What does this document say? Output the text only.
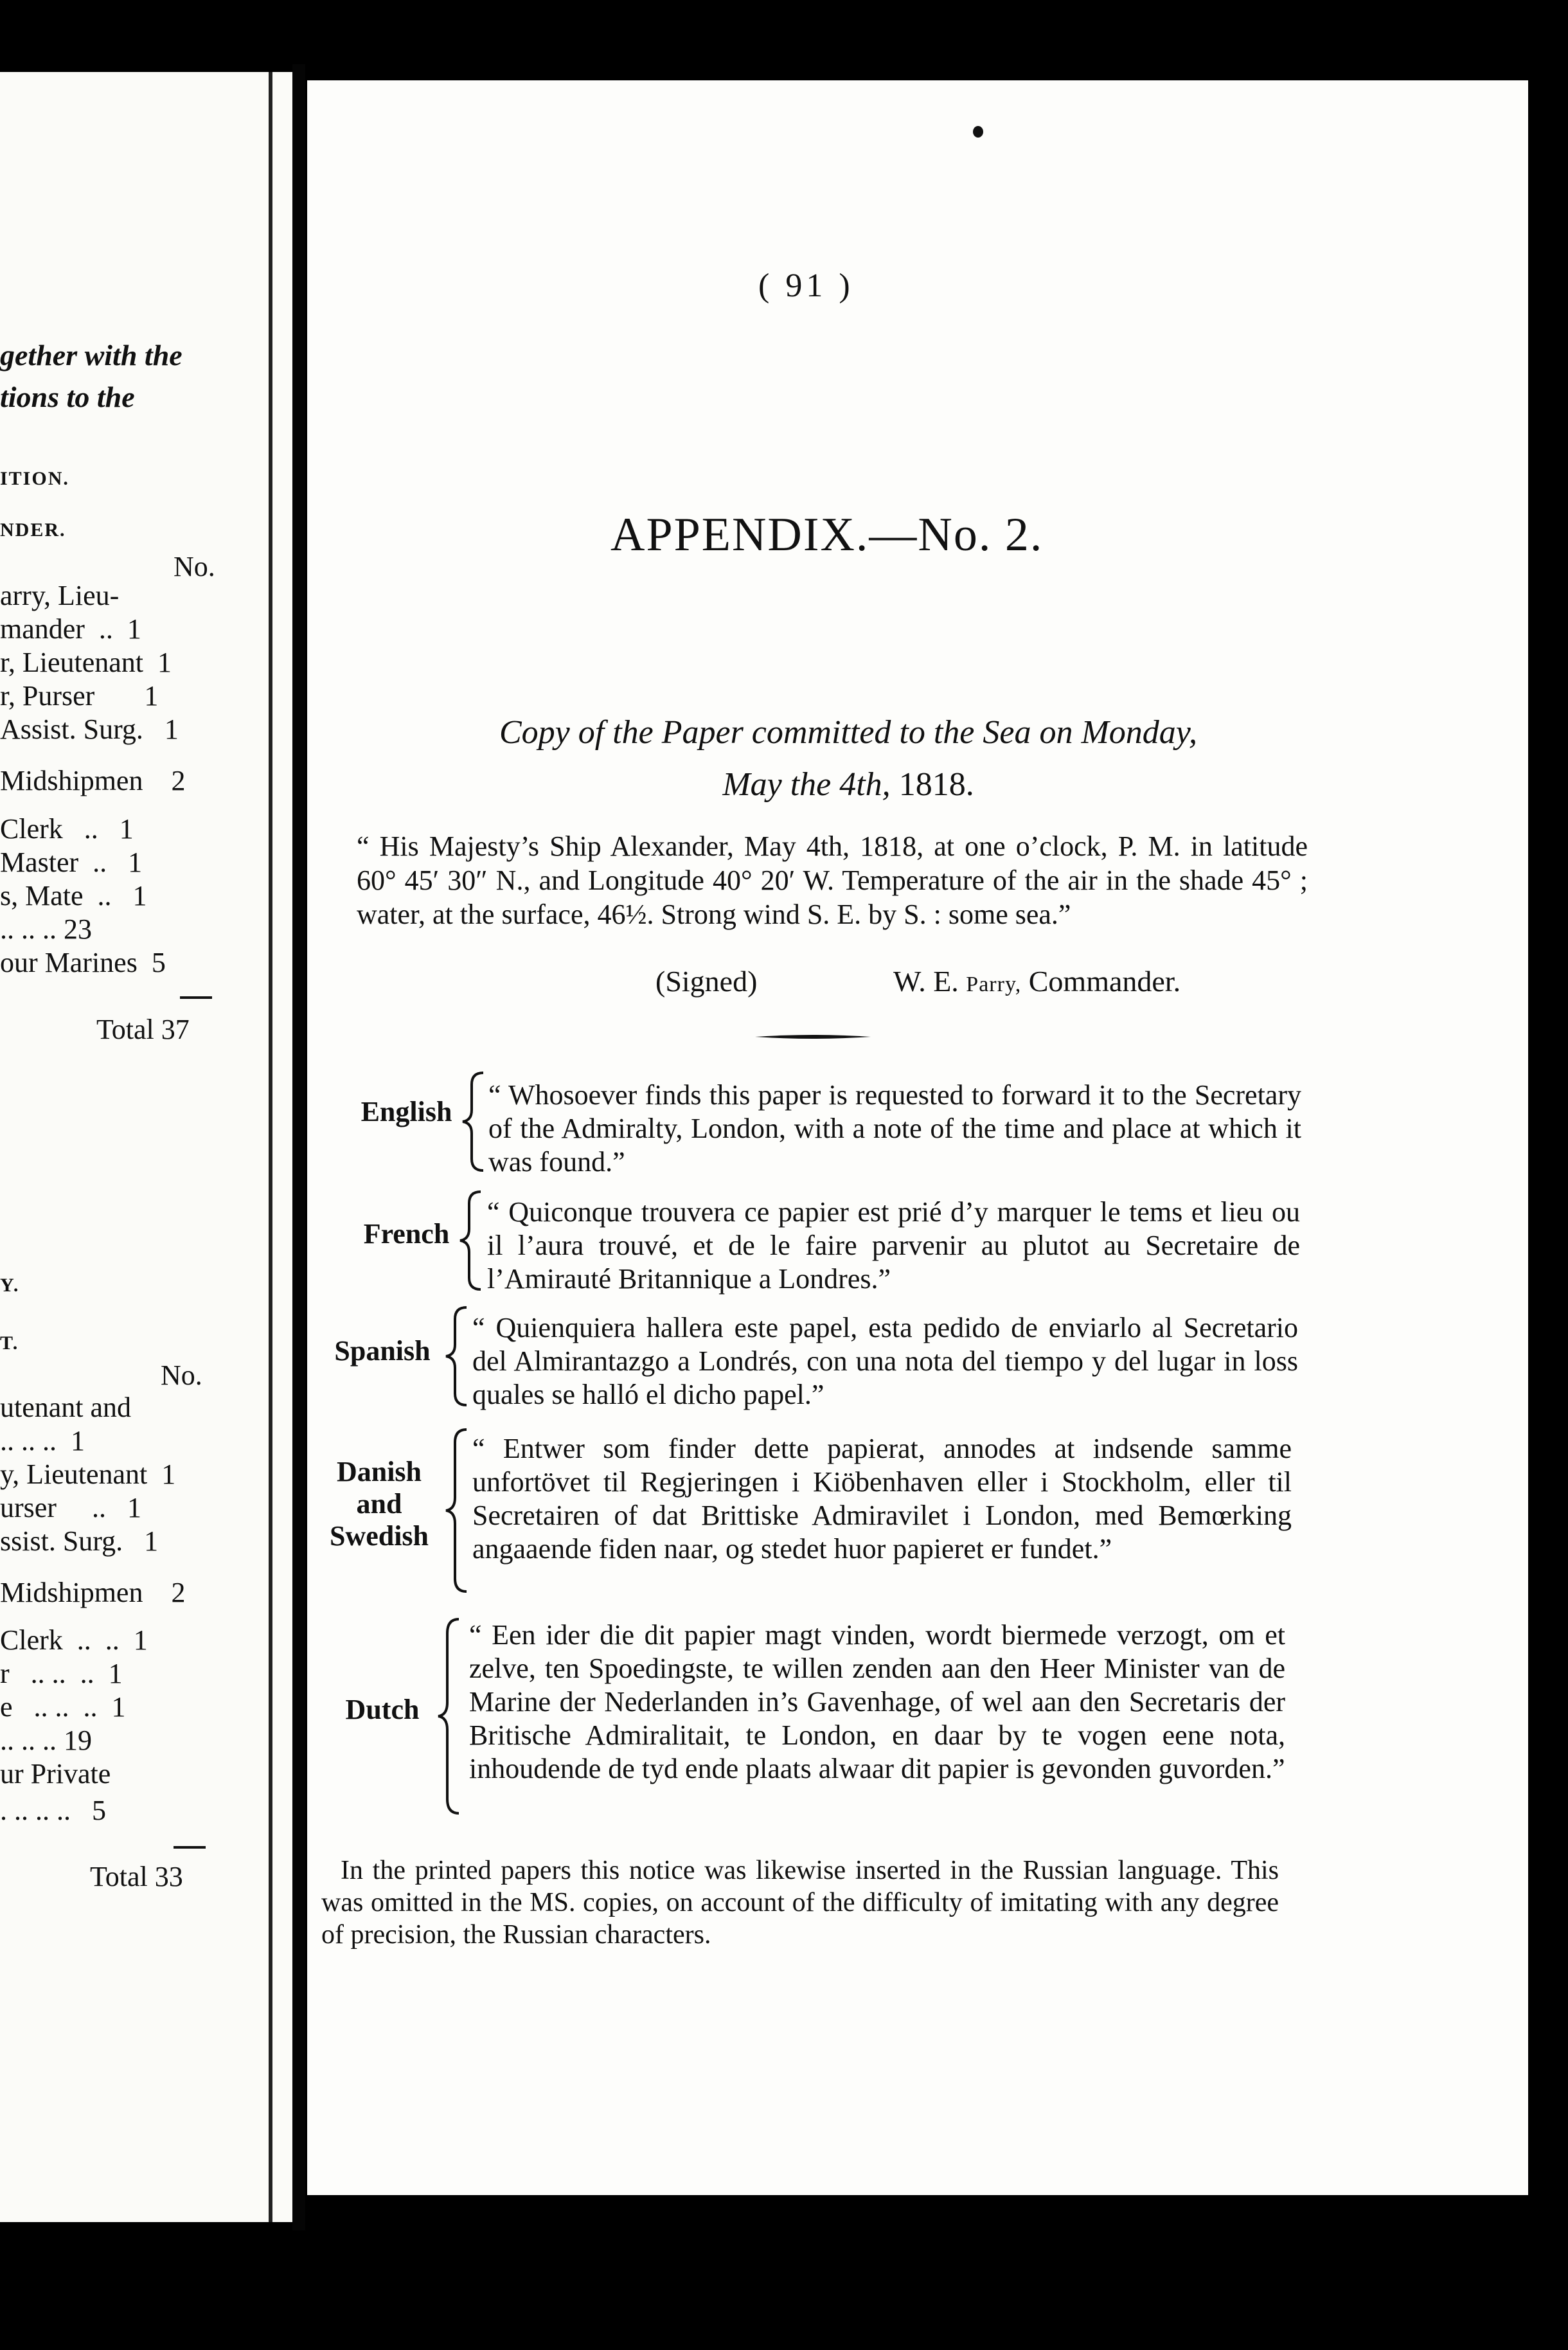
gether with the
tions to the
ITION.
NDER.
No.
arry, Lieu-
mander  ..  1
r, Lieutenant  1
r, Purser       1
Assist. Surg.   1
Midshipmen    2
Clerk   ..   1
Master  ..   1
s, Mate  ..   1
.. .. .. 23
our Marines  5
Total 37
Y.
T.
No.
utenant and
.. .. ..  1
y, Lieutenant  1
urser     ..   1
ssist. Surg.   1
Midshipmen    2
Clerk  ..  ..  1
r   .. ..  ..  1
e   .. ..  ..  1
.. .. .. 19
ur Private
. .. .. ..   5
Total 33
( 91 )
APPENDIX.—No. 2.
Copy of the Paper committed to the Sea on Monday,
May the 4th, 1818.

“ His Majesty’s Ship Alexander, May 4th, 1818, at one o’clock, P. M. in latitude 60° 45′ 30″ N., and Longitude 40° 20′ W. Temperature of the air in the shade 45° ; water, at the surface, 46½. Strong wind S. E. by S. : some sea.”

(Signed)	W. E. Parry, Commander.
English

“ Whosoever finds this paper is requested to forward it to the Secretary of the Admiralty, London, with a note of the time and place at which it was found.”

French

“ Quiconque trouvera ce papier est prié d’y marquer le tems et lieu ou il l’aura trouvé, et de le faire parvenir au plutot au Secretaire de l’Amirauté Britannique a Londres.”

Spanish

“ Quienquiera hallera este papel, esta pedido de enviarlo al Secretario del Almirantazgo a Londrés, con una nota del tiempo y del lugar in loss quales se halló el dicho papel.”

Danish and Swedish

“ Entwer som finder dette papierat, annodes at indsende samme unfortövet til Regjeringen i Kiöbenhaven eller i Stockholm, eller til Secretairen of dat Brittiske Admiravilet i London, med Bemœrking angaaende fiden naar, og stedet huor papieret er fundet.”

Dutch

“ Een ider die dit papier magt vinden, wordt biermede verzogt, om et zelve, ten Spoedingste, te willen zenden aan den Heer Minister van de Marine der Nederlanden in’s Gavenhage, of wel aan den Secretaris der Britische Admiralitait, te London, en daar by te vogen eene nota, inhoudende de tyd ende plaats alwaar dit papier is gevonden guvorden.”

In the printed papers this notice was likewise inserted in the Russian language. This was omitted in the MS. copies, on account of the difficulty of imitating with any degree of precision, the Russian characters.
